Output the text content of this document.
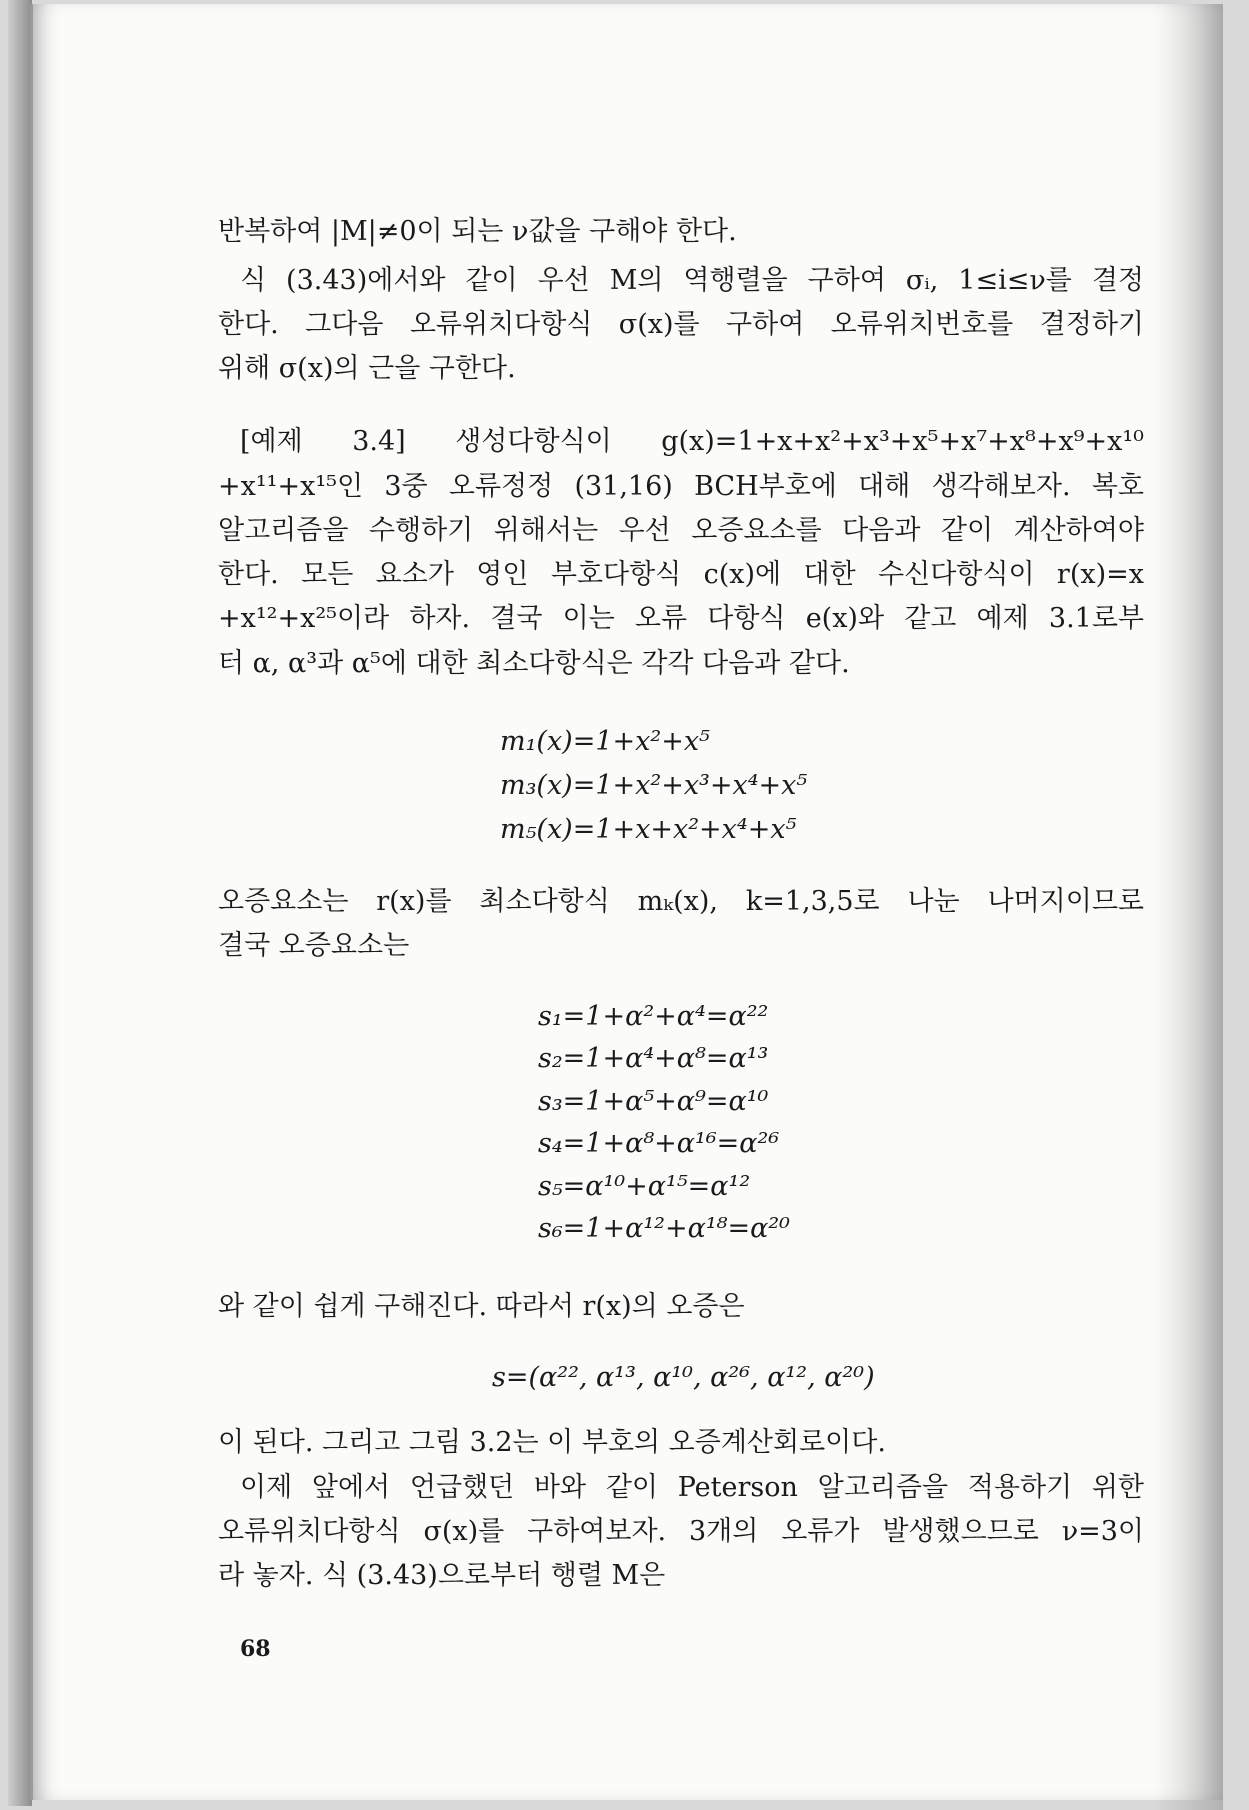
반복하여 |M|≠0이 되는 ν값을 구해야 한다.
식 (3.43)에서와 같이 우선 M의 역행렬을 구하여 σᵢ, 1≤i≤ν를 결정
한다. 그다음 오류위치다항식 σ(x)를 구하여 오류위치번호를 결정하기
위해 σ(x)의 근을 구한다.
[예제 3.4] 생성다항식이 g(x)=1+x+x²+x³+x⁵+x⁷+x⁸+x⁹+x¹⁰
+x¹¹+x¹⁵인 3중 오류정정 (31,16) BCH부호에 대해 생각해보자. 복호
알고리즘을 수행하기 위해서는 우선 오증요소를 다음과 같이 계산하여야
한다. 모든 요소가 영인 부호다항식 c(x)에 대한 수신다항식이 r(x)=x
+x¹²+x²⁵이라 하자. 결국 이는 오류 다항식 e(x)와 같고 예제 3.1로부
터 α, α³과 α⁵에 대한 최소다항식은 각각 다음과 같다.
m₁(x)=1+x²+x⁵
m₃(x)=1+x²+x³+x⁴+x⁵
m₅(x)=1+x+x²+x⁴+x⁵
오증요소는 r(x)를 최소다항식 mₖ(x), k=1,3,5로 나눈 나머지이므로
결국 오증요소는
s₁=1+α²+α⁴=α²²
s₂=1+α⁴+α⁸=α¹³
s₃=1+α⁵+α⁹=α¹⁰
s₄=1+α⁸+α¹⁶=α²⁶
s₅=α¹⁰+α¹⁵=α¹²
s₆=1+α¹²+α¹⁸=α²⁰
와 같이 쉽게 구해진다. 따라서 r(x)의 오증은
s=(α²², α¹³, α¹⁰, α²⁶, α¹², α²⁰)
이 된다. 그리고 그림 3.2는 이 부호의 오증계산회로이다.
이제 앞에서 언급했던 바와 같이 Peterson 알고리즘을 적용하기 위한
오류위치다항식 σ(x)를 구하여보자. 3개의 오류가 발생했으므로 ν=3이
라 놓자. 식 (3.43)으로부터 행렬 M은
68
